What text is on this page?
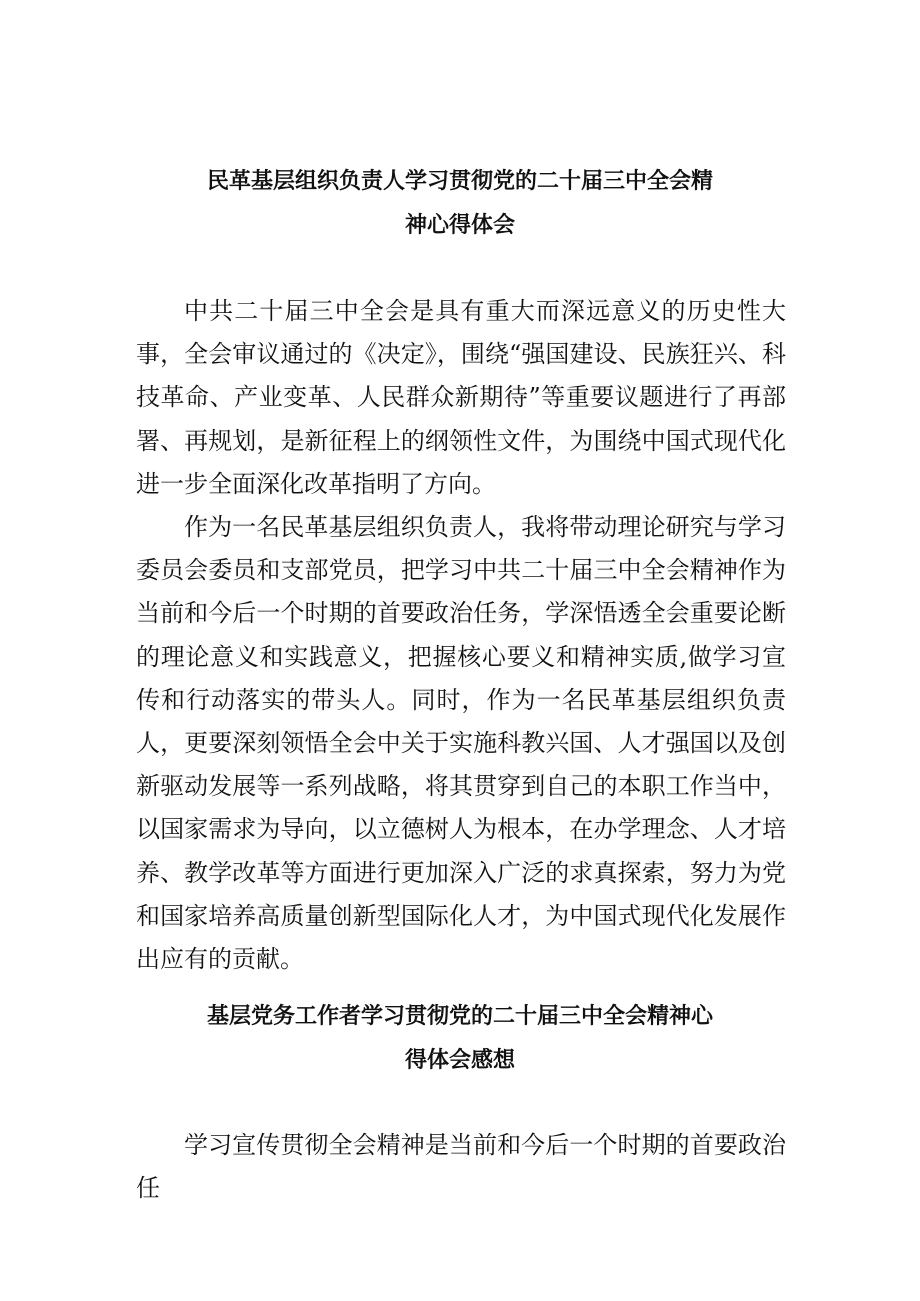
民革基层组织负责人学习贯彻党的二十届三中全会精
神心得体会

中共二十届三中全会是具有重大而深远意义的历史性大事，全会审议通过的《决定》，围绕“强国建设、民族狂兴、科技革命、产业变革、人民群众新期待”等重要议题进行了再部署、再规划，是新征程上的纲领性文件，为围绕中国式现代化进一步全面深化改革指明了方向。

作为一名民革基层组织负责人，我将带动理论研究与学习委员会委员和支部党员，把学习中共二十届三中全会精神作为当前和今后一个时期的首要政治任务，学深悟透全会重要论断的理论意义和实践意义，把握核心要义和精神实质,做学习宣传和行动落实的带头人。同时，作为一名民革基层组织负责人，更要深刻领悟全会中关于实施科教兴国、人才强国以及创新驱动发展等一系列战略，将其贯穿到自己的本职工作当中，以国家需求为导向，以立德树人为根本，在办学理念、人才培养、教学改革等方面进行更加深入广泛的求真探索，努力为党和国家培养高质量创新型国际化人才，为中国式现代化发展作出应有的贡献。

基层党务工作者学习贯彻党的二十届三中全会精神心
得体会感想

学习宣传贯彻全会精神是当前和今后一个时期的首要政治任
